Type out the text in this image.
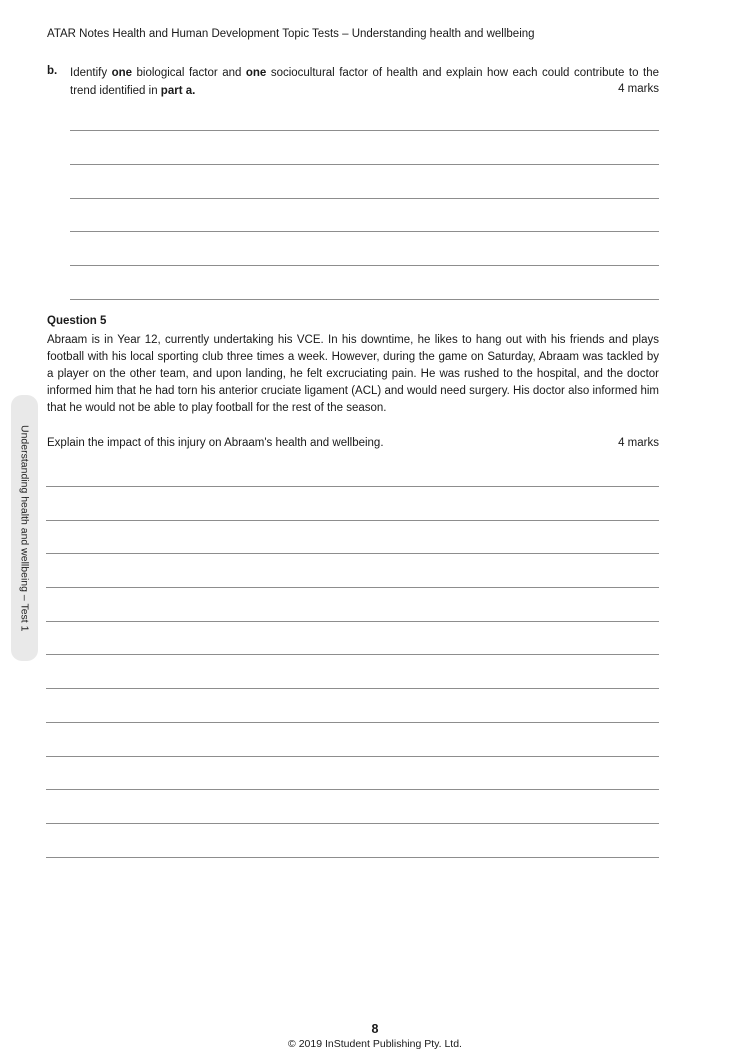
ATAR Notes Health and Human Development Topic Tests – Understanding health and wellbeing
b. Identify one biological factor and one sociocultural factor of health and explain how each could contribute to the trend identified in part a.	4 marks
Question 5
Abraam is in Year 12, currently undertaking his VCE. In his downtime, he likes to hang out with his friends and plays football with his local sporting club three times a week. However, during the game on Saturday, Abraam was tackled by a player on the other team, and upon landing, he felt excruciating pain. He was rushed to the hospital, and the doctor informed him that he had torn his anterior cruciate ligament (ACL) and would need surgery. His doctor also informed him that he would not be able to play football for the rest of the season.
Explain the impact of this injury on Abraam's health and wellbeing.	4 marks
Understanding health and wellbeing – Test 1
8
© 2019 InStudent Publishing Pty. Ltd.
